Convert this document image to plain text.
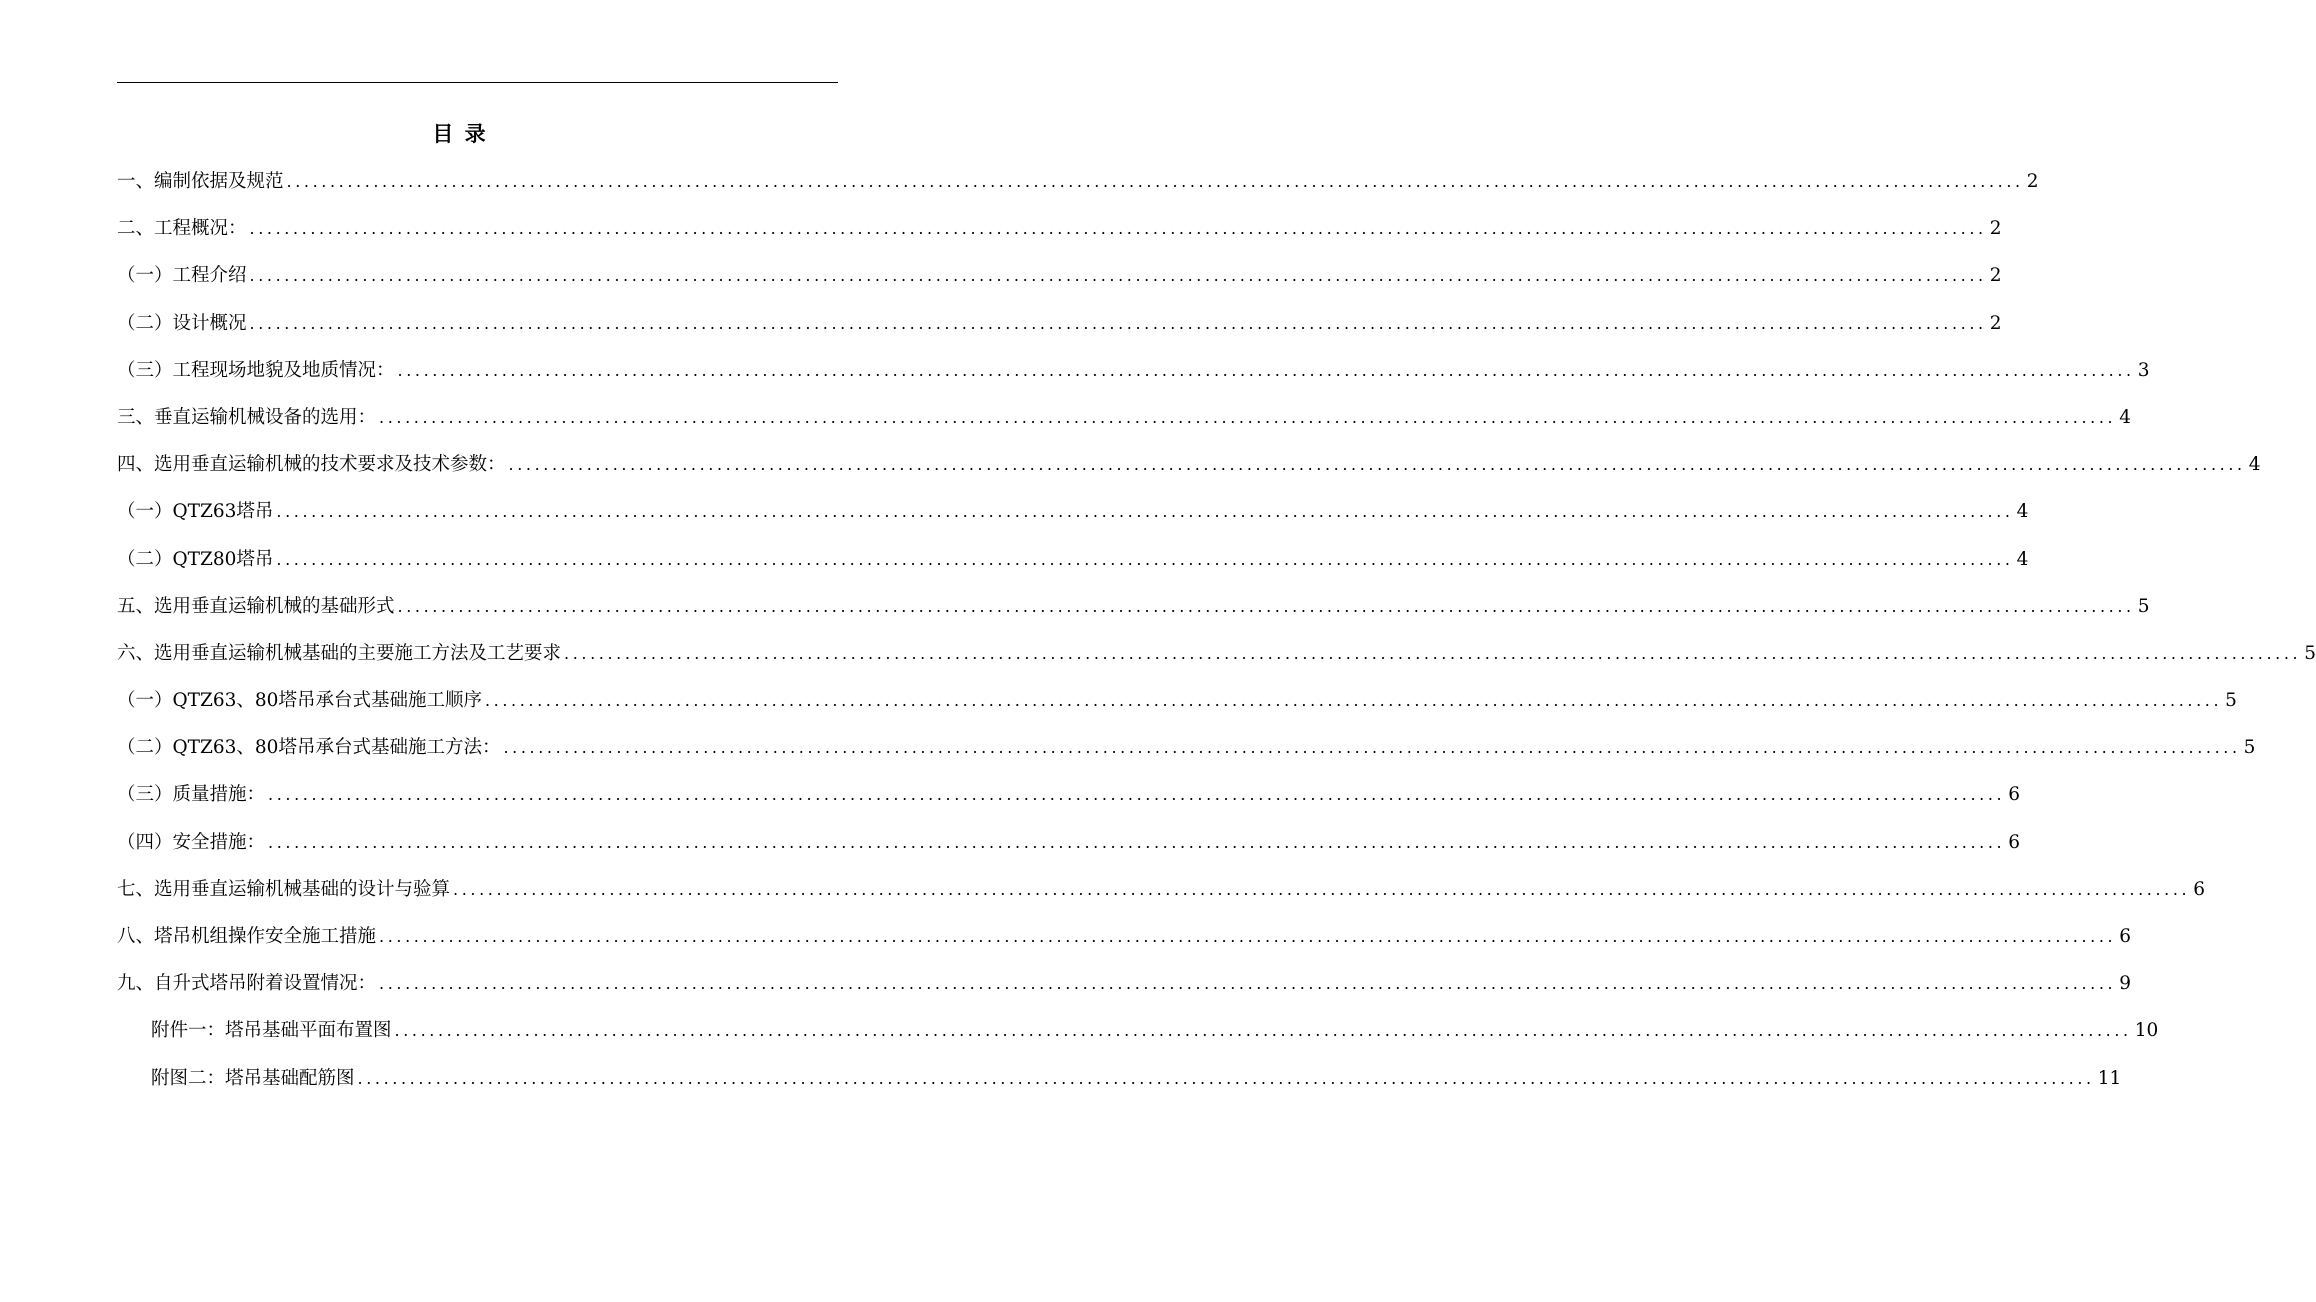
目 录
一、编制依据及规范 ........................................................................................................................................................................................................ 2
二、工程概况： ........................................................................................................................................................................................................ 2
（一）工程介绍 ........................................................................................................................................................................................................ 2
（二）设计概况 ........................................................................................................................................................................................................ 2
（三）工程现场地貌及地质情况： ........................................................................................................................................................................................................ 3
三、垂直运输机械设备的选用： ........................................................................................................................................................................................................ 4
四、选用垂直运输机械的技术要求及技术参数： ........................................................................................................................................................................................................ 4
（一）QTZ63塔吊 ........................................................................................................................................................................................................ 4
（二）QTZ80塔吊 ........................................................................................................................................................................................................ 4
五、选用垂直运输机械的基础形式 ........................................................................................................................................................................................................ 5
六、选用垂直运输机械基础的主要施工方法及工艺要求 ........................................................................................................................................................................................................ 5
（一）QTZ63、80塔吊承台式基础施工顺序 ........................................................................................................................................................................................................ 5
（二）QTZ63、80塔吊承台式基础施工方法： ........................................................................................................................................................................................................ 5
（三）质量措施： ........................................................................................................................................................................................................ 6
（四）安全措施： ........................................................................................................................................................................................................ 6
七、选用垂直运输机械基础的设计与验算 ........................................................................................................................................................................................................ 6
八、塔吊机组操作安全施工措施 ........................................................................................................................................................................................................ 6
九、自升式塔吊附着设置情况： ........................................................................................................................................................................................................ 9
附件一：塔吊基础平面布置图 ........................................................................................................................................................................................................ 10
附图二：塔吊基础配筋图 ........................................................................................................................................................................................................ 11
